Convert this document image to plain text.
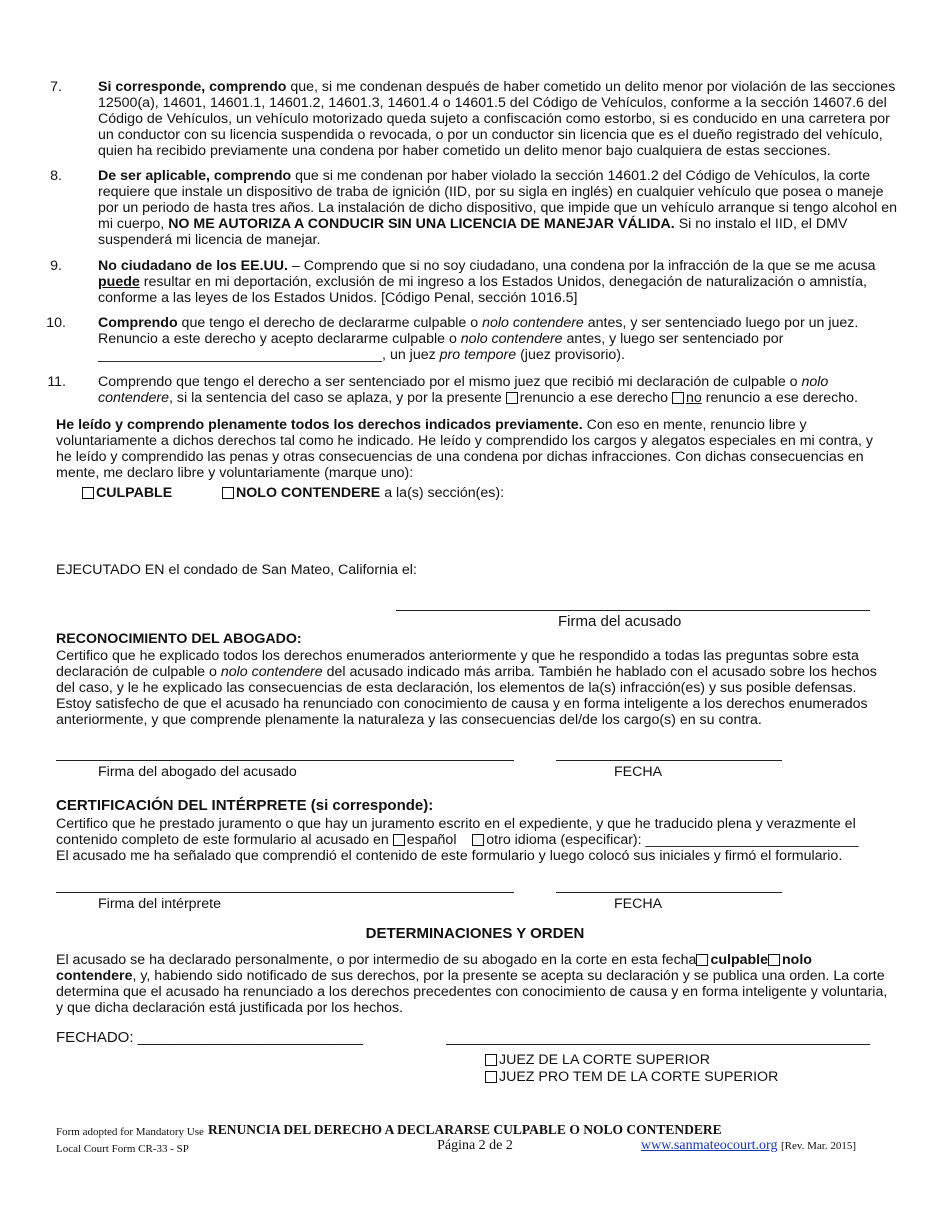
7.	Si corresponde, comprendo que, si me condenan después de haber cometido un delito menor por violación de las secciones 12500(a), 14601, 14601.1, 14601.2, 14601.3, 14601.4 o 14601.5 del Código de Vehículos, conforme a la sección 14607.6 del Código de Vehículos, un vehículo motorizado queda sujeto a confiscación como estorbo, si es conducido en una carretera por un conductor con su licencia suspendida o revocada, o por un conductor sin licencia que es el dueño registrado del vehículo, quien ha recibido previamente una condena por haber cometido un delito menor bajo cualquiera de estas secciones.
8.	De ser aplicable, comprendo que si me condenan por haber violado la sección 14601.2 del Código de Vehículos, la corte requiere que instale un dispositivo de traba de ignición (IID, por su sigla en inglés) en cualquier vehículo que posea o maneje por un periodo de hasta tres años. La instalación de dicho dispositivo, que impide que un vehículo arranque si tengo alcohol en mi cuerpo, NO ME AUTORIZA A CONDUCIR SIN UNA LICENCIA DE MANEJAR VÁLIDA. Si no instalo el IID, el DMV suspenderá mi licencia de manejar.
9.	No ciudadano de los EE.UU. – Comprendo que si no soy ciudadano, una condena por la infracción de la que se me acusa puede resultar en mi deportación, exclusión de mi ingreso a los Estados Unidos, denegación de naturalización o amnistía, conforme a las leyes de los Estados Unidos. [Código Penal, sección 1016.5]
10. Comprendo que tengo el derecho de declararme culpable o nolo contendere antes, y ser sentenciado luego por un juez. Renuncio a este derecho y acepto declararme culpable o nolo contendere antes, y luego ser sentenciado por ____________________________________, un juez pro tempore (juez provisorio).
11. Comprendo que tengo el derecho a ser sentenciado por el mismo juez que recibió mi declaración de culpable o nolo contendere, si la sentencia del caso se aplaza, y por la presente renuncio a ese derecho no renuncio a ese derecho.
He leído y comprendo plenamente todos los derechos indicados previamente. Con eso en mente, renuncio libre y voluntariamente a dichos derechos tal como he indicado. He leído y comprendido los cargos y alegatos especiales en mi contra, y he leído y comprendido las penas y otras consecuencias de una condena por dichas infracciones. Con dichas consecuencias en mente, me declaro libre y voluntariamente (marque uno):
CULPABLE	NOLO CONTENDERE a la(s) sección(es):
EJECUTADO EN el condado de San Mateo, California el:
Firma del acusado
RECONOCIMIENTO DEL ABOGADO:
Certifico que he explicado todos los derechos enumerados anteriormente y que he respondido a todas las preguntas sobre esta declaración de culpable o nolo contendere del acusado indicado más arriba. También he hablado con el acusado sobre los hechos del caso, y le he explicado las consecuencias de esta declaración, los elementos de la(s) infracción(es) y sus posible defensas. Estoy satisfecho de que el acusado ha renunciado con conocimiento de causa y en forma inteligente a los derechos enumerados anteriormente, y que comprende plenamente la naturaleza y las consecuencias del/de los cargo(s) en su contra.
Firma del abogado del acusado	FECHA
CERTIFICACIÓN DEL INTÉRPRETE (si corresponde):
Certifico que he prestado juramento o que hay un juramento escrito en el expediente, y que he traducido plena y verazmente el contenido completo de este formulario al acusado en español otro idioma (especificar): ___________________________
El acusado me ha señalado que comprendió el contenido de este formulario y luego colocó sus iniciales y firmó el formulario.
Firma del intérprete	FECHA
DETERMINACIONES Y ORDEN
El acusado se ha declarado personalmente, o por intermedio de su abogado en la corte en esta fecha culpable nolo contendere, y, habiendo sido notificado de sus derechos, por la presente se acepta su declaración y se publica una orden. La corte determina que el acusado ha renunciado a los derechos precedentes con conocimiento de causa y en forma inteligente y voluntaria, y que dicha declaración está justificada por los hechos.
FECHADO: ___________________________
JUEZ DE LA CORTE SUPERIOR
JUEZ PRO TEM DE LA CORTE SUPERIOR
Form adopted for Mandatory Use RENUNCIA DEL DERECHO A DECLARARSE CULPABLE O NOLO CONTENDERE
Local Court Form CR-33 - SP	Página 2 de 2	www.sanmateocourt.org [Rev. Mar. 2015]
